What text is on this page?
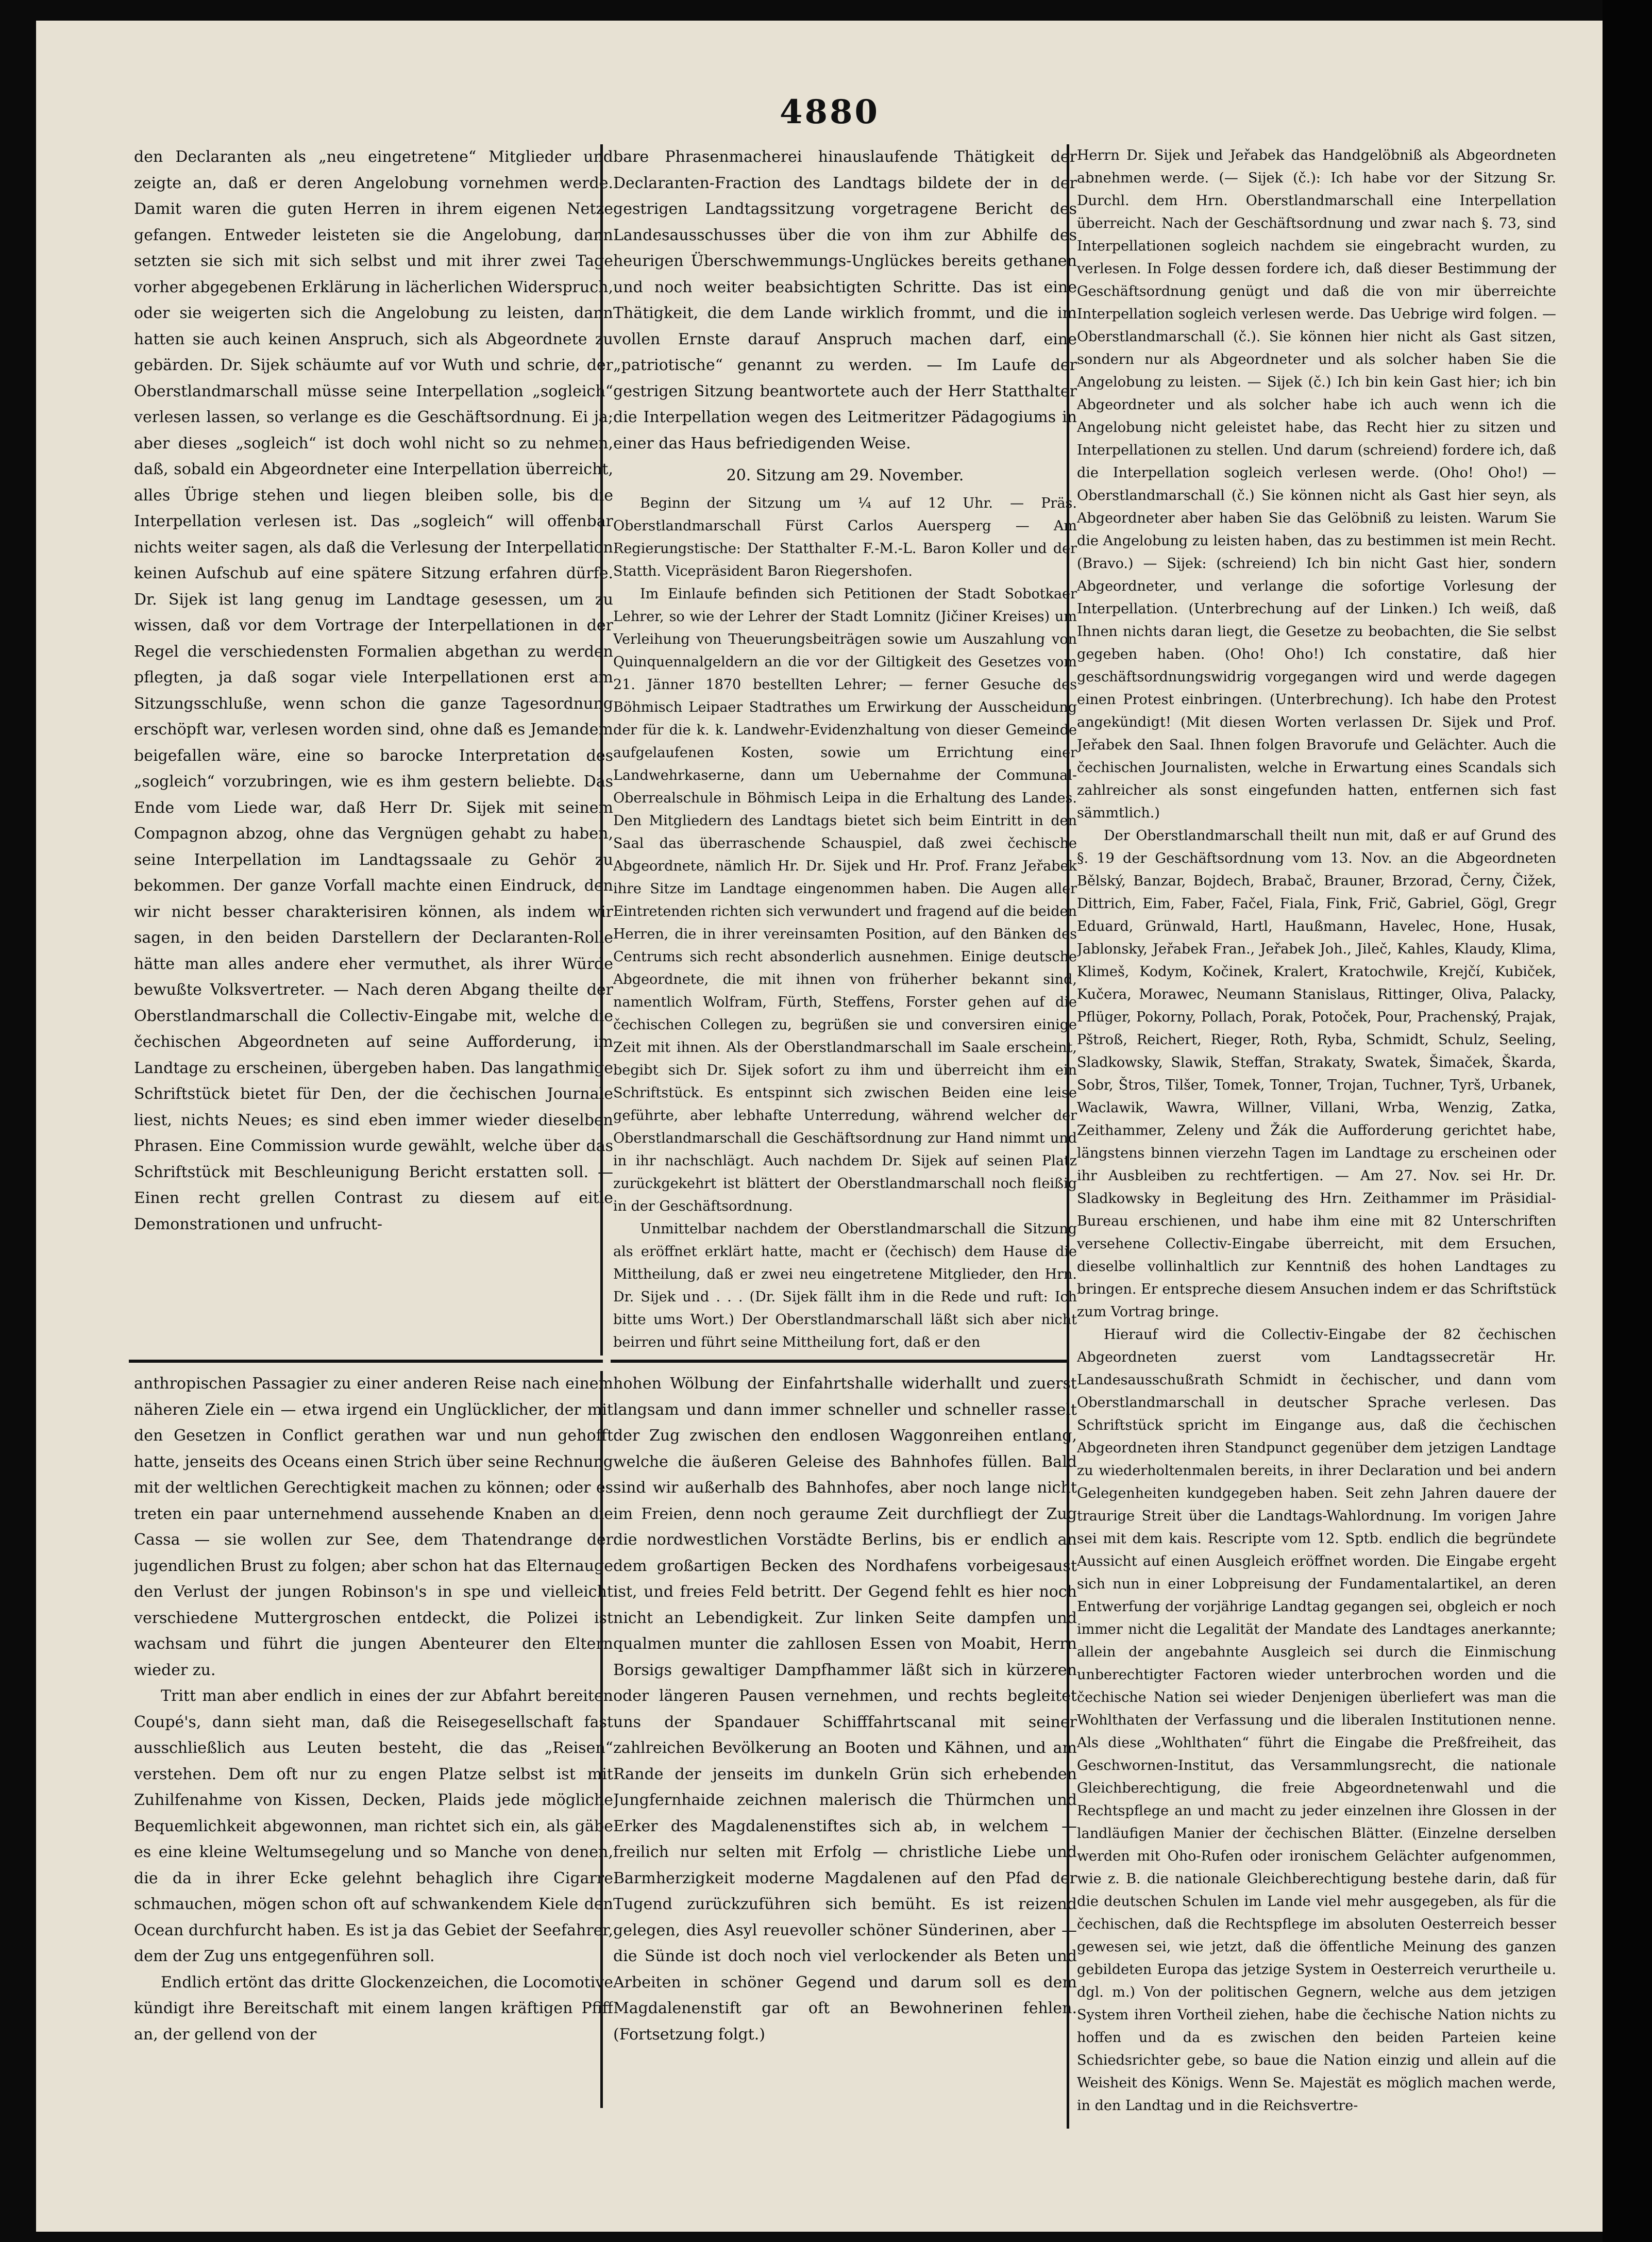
4880

den Declaranten als „neu eingetretene“ Mitglieder und zeigte an, daß er deren Angelobung vornehmen werde. Damit waren die guten Herren in ihrem eigenen Netze gefangen. Entweder leisteten sie die Angelobung, dann setzten sie sich mit sich selbst und mit ihrer zwei Tage vorher abgegebenen Erklärung in lächerlichen Widerspruch, oder sie weigerten sich die Angelobung zu leisten, dann hatten sie auch keinen Anspruch, sich als Abgeordnete zu gebärden. Dr. Sijek schäumte auf vor Wuth und schrie, der Oberstlandmarschall müsse seine Interpellation „sogleich“ verlesen lassen, so verlange es die Geschäftsordnung. Ei ja; aber dieses „sogleich“ ist doch wohl nicht so zu nehmen, daß, sobald ein Abgeordneter eine Interpellation überreicht, alles Übrige stehen und liegen bleiben solle, bis die Interpellation verlesen ist. Das „sogleich“ will offenbar nichts weiter sagen, als daß die Verlesung der Interpellation keinen Aufschub auf eine spätere Sitzung erfahren dürfe. Dr. Sijek ist lang genug im Landtage gesessen, um zu wissen, daß vor dem Vortrage der Interpellationen in der Regel die verschiedensten Formalien abgethan zu werden pflegten, ja daß sogar viele Interpellationen erst am Sitzungsschluße, wenn schon die ganze Tagesordnung erschöpft war, verlesen worden sind, ohne daß es Jemandem beigefallen wäre, eine so barocke Interpretation des „sogleich“ vorzubringen, wie es ihm gestern beliebte. Das Ende vom Liede war, daß Herr Dr. Sijek mit seinem Compagnon abzog, ohne das Vergnügen gehabt zu haben, seine Interpellation im Landtagssaale zu Gehör zu bekommen. Der ganze Vorfall machte einen Eindruck, den wir nicht besser charakterisiren können, als indem wir sagen, in den beiden Darstellern der Declaranten-Rolle hätte man alles andere eher vermuthet, als ihrer Würde bewußte Volksvertreter. — Nach deren Abgang theilte der Oberstlandmarschall die Collectiv-Eingabe mit, welche die čechischen Abgeordneten auf seine Aufforderung, im Landtage zu erscheinen, übergeben haben. Das langathmige Schriftstück bietet für Den, der die čechischen Journale liest, nichts Neues; es sind eben immer wieder dieselben Phrasen. Eine Commission wurde gewählt, welche über das Schriftstück mit Beschleunigung Bericht erstatten soll. — Einen recht grellen Contrast zu diesem auf eitle Demonstrationen und unfrucht-

bare Phrasenmacherei hinauslaufende Thätigkeit der Declaranten-Fraction des Landtags bildete der in der gestrigen Landtagssitzung vorgetragene Bericht des Landesausschusses über die von ihm zur Abhilfe des heurigen Überschwemmungs-Unglückes bereits gethanen und noch weiter beabsichtigten Schritte. Das ist eine Thätigkeit, die dem Lande wirklich frommt, und die im vollen Ernste darauf Anspruch machen darf, eine „patriotische“ genannt zu werden. — Im Laufe der gestrigen Sitzung beantwortete auch der Herr Statthalter die Interpellation wegen des Leitmeritzer Pädagogiums in einer das Haus befriedigenden Weise.

20. Sitzung am 29. November.

Beginn der Sitzung um ¼ auf 12 Uhr. — Präs. Oberstlandmarschall Fürst Carlos Auersperg — Am Regierungstische: Der Statthalter F.-M.-L. Baron Koller und der Statth. Vicepräsident Baron Riegershofen.

Im Einlaufe befinden sich Petitionen der Stadt Sobotkaer Lehrer, so wie der Lehrer der Stadt Lomnitz (Jičiner Kreises) um Verleihung von Theuerungsbeiträgen sowie um Auszahlung von Quinquennalgeldern an die vor der Giltigkeit des Gesetzes vom 21. Jänner 1870 bestellten Lehrer; — ferner Gesuche des Böhmisch Leipaer Stadtrathes um Erwirkung der Ausscheidung der für die k. k. Landwehr-Evidenzhaltung von dieser Gemeinde aufgelaufenen Kosten, sowie um Errichtung einer Landwehrkaserne, dann um Uebernahme der Communal-Oberrealschule in Böhmisch Leipa in die Erhaltung des Landes. Den Mitgliedern des Landtags bietet sich beim Eintritt in den Saal das überraschende Schauspiel, daß zwei čechische Abgeordnete, nämlich Hr. Dr. Sijek und Hr. Prof. Franz Jeřabek ihre Sitze im Landtage eingenommen haben. Die Augen aller Eintretenden richten sich verwundert und fragend auf die beiden Herren, die in ihrer vereinsamten Position, auf den Bänken des Centrums sich recht absonderlich ausnehmen. Einige deutsche Abgeordnete, die mit ihnen von früherher bekannt sind, namentlich Wolfram, Fürth, Steffens, Forster gehen auf die čechischen Collegen zu, begrüßen sie und conversiren einige Zeit mit ihnen. Als der Oberstlandmarschall im Saale erscheint, begibt sich Dr. Sijek sofort zu ihm und überreicht ihm ein Schriftstück. Es entspinnt sich zwischen Beiden eine leise geführte, aber lebhafte Unterredung, während welcher der Oberstlandmarschall die Geschäftsordnung zur Hand nimmt und in ihr nachschlägt. Auch nachdem Dr. Sijek auf seinen Platz zurückgekehrt ist blättert der Oberstlandmarschall noch fleißig in der Geschäftsordnung.

Unmittelbar nachdem der Oberstlandmarschall die Sitzung als eröffnet erklärt hatte, macht er (čechisch) dem Hause die Mittheilung, daß er zwei neu eingetretene Mitglieder, den Hrn. Dr. Sijek und . . . (Dr. Sijek fällt ihm in die Rede und ruft: Ich bitte ums Wort.) Der Oberstlandmarschall läßt sich aber nicht beirren und führt seine Mittheilung fort, daß er den

Herrn Dr. Sijek und Jeřabek das Handgelöbniß als Abgeordneten abnehmen werde. (— Sijek (č.): Ich habe vor der Sitzung Sr. Durchl. dem Hrn. Oberstlandmarschall eine Interpellation überreicht. Nach der Geschäftsordnung und zwar nach §. 73, sind Interpellationen sogleich nachdem sie eingebracht wurden, zu verlesen. In Folge dessen fordere ich, daß dieser Bestimmung der Geschäftsordnung genügt und daß die von mir überreichte Interpellation sogleich verlesen werde. Das Uebrige wird folgen. — Oberstlandmarschall (č.). Sie können hier nicht als Gast sitzen, sondern nur als Abgeordneter und als solcher haben Sie die Angelobung zu leisten. — Sijek (č.) Ich bin kein Gast hier; ich bin Abgeordneter und als solcher habe ich auch wenn ich die Angelobung nicht geleistet habe, das Recht hier zu sitzen und Interpellationen zu stellen. Und darum (schreiend) fordere ich, daß die Interpellation sogleich verlesen werde. (Oho! Oho!) — Oberstlandmarschall (č.) Sie können nicht als Gast hier seyn, als Abgeordneter aber haben Sie das Gelöbniß zu leisten. Warum Sie die Angelobung zu leisten haben, das zu bestimmen ist mein Recht. (Bravo.) — Sijek: (schreiend) Ich bin nicht Gast hier, sondern Abgeordneter, und verlange die sofortige Vorlesung der Interpellation. (Unterbrechung auf der Linken.) Ich weiß, daß Ihnen nichts daran liegt, die Gesetze zu beobachten, die Sie selbst gegeben haben. (Oho! Oho!) Ich constatire, daß hier geschäftsordnungswidrig vorgegangen wird und werde dagegen einen Protest einbringen. (Unterbrechung). Ich habe den Protest angekündigt! (Mit diesen Worten verlassen Dr. Sijek und Prof. Jeřabek den Saal. Ihnen folgen Bravorufe und Gelächter. Auch die čechischen Journalisten, welche in Erwartung eines Scandals sich zahlreicher als sonst eingefunden hatten, entfernen sich fast sämmtlich.)

Der Oberstlandmarschall theilt nun mit, daß er auf Grund des §. 19 der Geschäftsordnung vom 13. Nov. an die Abgeordneten Bělský, Banzar, Bojdech, Brabač, Brauner, Brzorad, Černy, Čižek, Dittrich, Eim, Faber, Fačel, Fiala, Fink, Frič, Gabriel, Gögl, Gregr Eduard, Grünwald, Hartl, Haußmann, Havelec, Hone, Husak, Jablonsky, Jeřabek Fran., Jeřabek Joh., Jileč, Kahles, Klaudy, Klima, Klimeš, Kodym, Kočinek, Kralert, Kratochwile, Krejčí, Kubiček, Kučera, Morawec, Neumann Stanislaus, Rittinger, Oliva, Palacky, Pflüger, Pokorny, Pollach, Porak, Potoček, Pour, Prachenský, Prajak, Pštroß, Reichert, Rieger, Roth, Ryba, Schmidt, Schulz, Seeling, Sladkowsky, Slawik, Steffan, Strakaty, Swatek, Šimaček, Škarda, Sobr, Štros, Tilšer, Tomek, Tonner, Trojan, Tuchner, Tyrš, Urbanek, Waclawik, Wawra, Willner, Villani, Wrba, Wenzig, Zatka, Zeithammer, Zeleny und Žák die Aufforderung gerichtet habe, längstens binnen vierzehn Tagen im Landtage zu erscheinen oder ihr Ausbleiben zu rechtfertigen. — Am 27. Nov. sei Hr. Dr. Sladkowsky in Begleitung des Hrn. Zeithammer im Präsidial-Bureau erschienen, und habe ihm eine mit 82 Unterschriften versehene Collectiv-Eingabe überreicht, mit dem Ersuchen, dieselbe vollinhaltlich zur Kenntniß des hohen Landtages zu bringen. Er entspreche diesem Ansuchen indem er das Schriftstück zum Vortrag bringe.

Hierauf wird die Collectiv-Eingabe der 82 čechischen Abgeordneten zuerst vom Landtagssecretär Hr. Landesausschußrath Schmidt in čechischer, und dann vom Oberstlandmarschall in deutscher Sprache verlesen. Das Schriftstück spricht im Eingange aus, daß die čechischen Abgeordneten ihren Standpunct gegenüber dem jetzigen Landtage zu wiederholtenmalen bereits, in ihrer Declaration und bei andern Gelegenheiten kundgegeben haben. Seit zehn Jahren dauere der traurige Streit über die Landtags-Wahlordnung. Im vorigen Jahre sei mit dem kais. Rescripte vom 12. Sptb. endlich die begründete Aussicht auf einen Ausgleich eröffnet worden. Die Eingabe ergeht sich nun in einer Lobpreisung der Fundamentalartikel, an deren Entwerfung der vorjährige Landtag gegangen sei, obgleich er noch immer nicht die Legalität der Mandate des Landtages anerkannte; allein der angebahnte Ausgleich sei durch die Einmischung unberechtigter Factoren wieder unterbrochen worden und die čechische Nation sei wieder Denjenigen überliefert was man die Wohlthaten der Verfassung und die liberalen Institutionen nenne. Als diese „Wohlthaten“ führt die Eingabe die Preßfreiheit, das Geschwornen-Institut, das Versammlungsrecht, die nationale Gleichberechtigung, die freie Abgeordnetenwahl und die Rechtspflege an und macht zu jeder einzelnen ihre Glossen in der landläufigen Manier der čechischen Blätter. (Einzelne derselben werden mit Oho-Rufen oder ironischem Gelächter aufgenommen, wie z. B. die nationale Gleichberechtigung bestehe darin, daß für die deutschen Schulen im Lande viel mehr ausgegeben, als für die čechischen, daß die Rechtspflege im absoluten Oesterreich besser gewesen sei, wie jetzt, daß die öffentliche Meinung des ganzen gebildeten Europa das jetzige System in Oesterreich verurtheile u. dgl. m.) Von der politischen Gegnern, welche aus dem jetzigen System ihren Vortheil ziehen, habe die čechische Nation nichts zu hoffen und da es zwischen den beiden Parteien keine Schiedsrichter gebe, so baue die Nation einzig und allein auf die Weisheit des Königs. Wenn Se. Majestät es möglich machen werde, in den Landtag und in die Reichsvertre-

anthropischen Passagier zu einer anderen Reise nach einem näheren Ziele ein — etwa irgend ein Unglücklicher, der mit den Gesetzen in Conflict gerathen war und nun gehofft hatte, jenseits des Oceans einen Strich über seine Rechnung mit der weltlichen Gerechtigkeit machen zu können; oder es treten ein paar unternehmend aussehende Knaben an die Cassa — sie wollen zur See, dem Thatendrange der jugendlichen Brust zu folgen; aber schon hat das Elternauge den Verlust der jungen Robinson's in spe und vielleicht verschiedene Muttergroschen entdeckt, die Polizei ist wachsam und führt die jungen Abenteurer den Eltern wieder zu.

Tritt man aber endlich in eines der zur Abfahrt bereiten Coupé's, dann sieht man, daß die Reisegesellschaft fast ausschließlich aus Leuten besteht, die das „Reisen“ verstehen. Dem oft nur zu engen Platze selbst ist mit Zuhilfenahme von Kissen, Decken, Plaids jede mögliche Bequemlichkeit abgewonnen, man richtet sich ein, als gäbe es eine kleine Weltumsegelung und so Manche von denen, die da in ihrer Ecke gelehnt behaglich ihre Cigarre schmauchen, mögen schon oft auf schwankendem Kiele den Ocean durchfurcht haben. Es ist ja das Gebiet der Seefahrer, dem der Zug uns entgegenführen soll.

Endlich ertönt das dritte Glockenzeichen, die Locomotive kündigt ihre Bereitschaft mit einem langen kräftigen Pfiff an, der gellend von der

hohen Wölbung der Einfahrtshalle widerhallt und zuerst langsam und dann immer schneller und schneller rasselt der Zug zwischen den endlosen Waggonreihen entlang, welche die äußeren Geleise des Bahnhofes füllen. Bald sind wir außerhalb des Bahnhofes, aber noch lange nicht im Freien, denn noch geraume Zeit durchfliegt der Zug die nordwestlichen Vorstädte Berlins, bis er endlich an dem großartigen Becken des Nordhafens vorbeigesaust ist, und freies Feld betritt. Der Gegend fehlt es hier noch nicht an Lebendigkeit. Zur linken Seite dampfen und qualmen munter die zahllosen Essen von Moabit, Herrn Borsigs gewaltiger Dampfhammer läßt sich in kürzeren oder längeren Pausen vernehmen, und rechts begleitet uns der Spandauer Schifffahrtscanal mit seiner zahlreichen Bevölkerung an Booten und Kähnen, und am Rande der jenseits im dunkeln Grün sich erhebenden Jungfernhaide zeichnen malerisch die Thürmchen und Erker des Magdalenenstiftes sich ab, in welchem — freilich nur selten mit Erfolg — christliche Liebe und Barmherzigkeit moderne Magdalenen auf den Pfad der Tugend zurückzuführen sich bemüht. Es ist reizend gelegen, dies Asyl reuevoller schöner Sünderinen, aber — die Sünde ist doch noch viel verlockender als Beten und Arbeiten in schöner Gegend und darum soll es dem Magdalenenstift gar oft an Bewohnerinen fehlen. (Fortsetzung folgt.)
